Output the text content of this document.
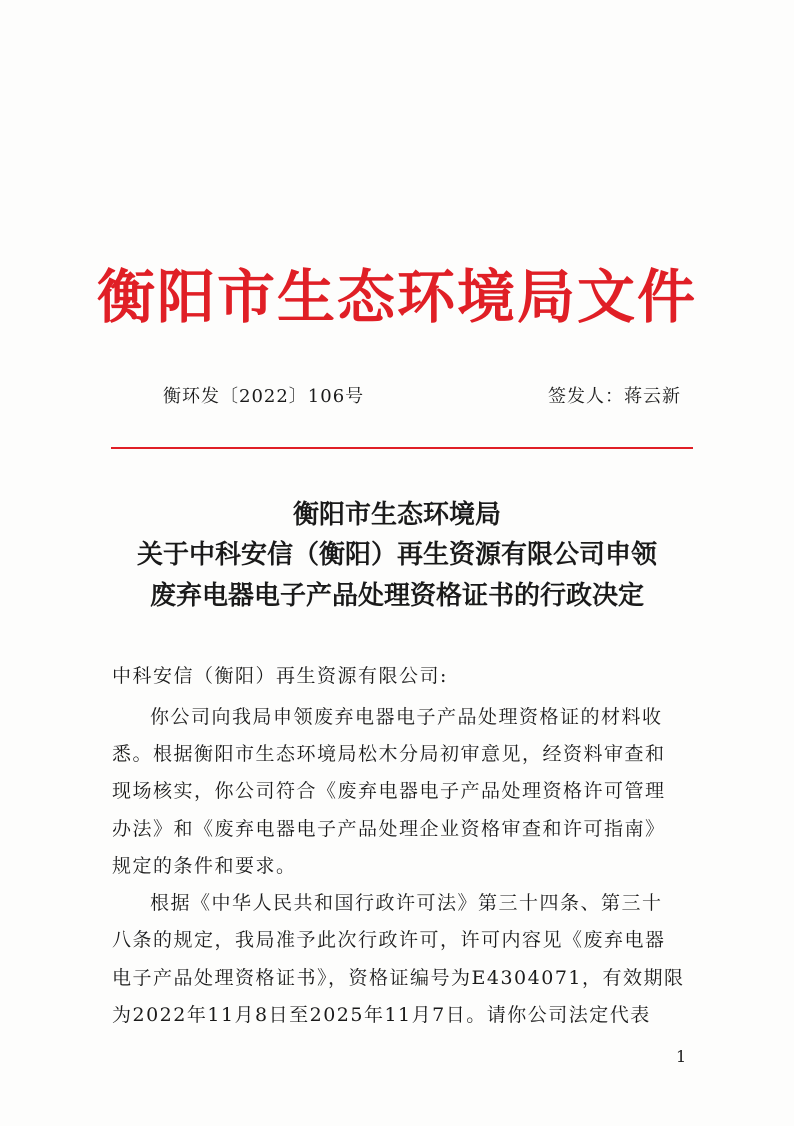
衡阳市生态环境局文件
衡环发〔2022〕106号	签发人：蒋云新
衡阳市生态环境局
关于中科安信（衡阳）再生资源有限公司申领
废弃电器电子产品处理资格证书的行政决定
中科安信（衡阳）再生资源有限公司:
你公司向我局申领废弃电器电子产品处理资格证的材料收
悉。根据衡阳市生态环境局松木分局初审意见，经资料审查和
现场核实，你公司符合《废弃电器电子产品处理资格许可管理
办法》和《废弃电器电子产品处理企业资格审查和许可指南》
规定的条件和要求。
根据《中华人民共和国行政许可法》第三十四条、第三十
八条的规定，我局准予此次行政许可，许可内容见《废弃电器
电子产品处理资格证书》，资格证编号为E4304071，有效期限
为2022年11月8日至2025年11月7日。请你公司法定代表
1
